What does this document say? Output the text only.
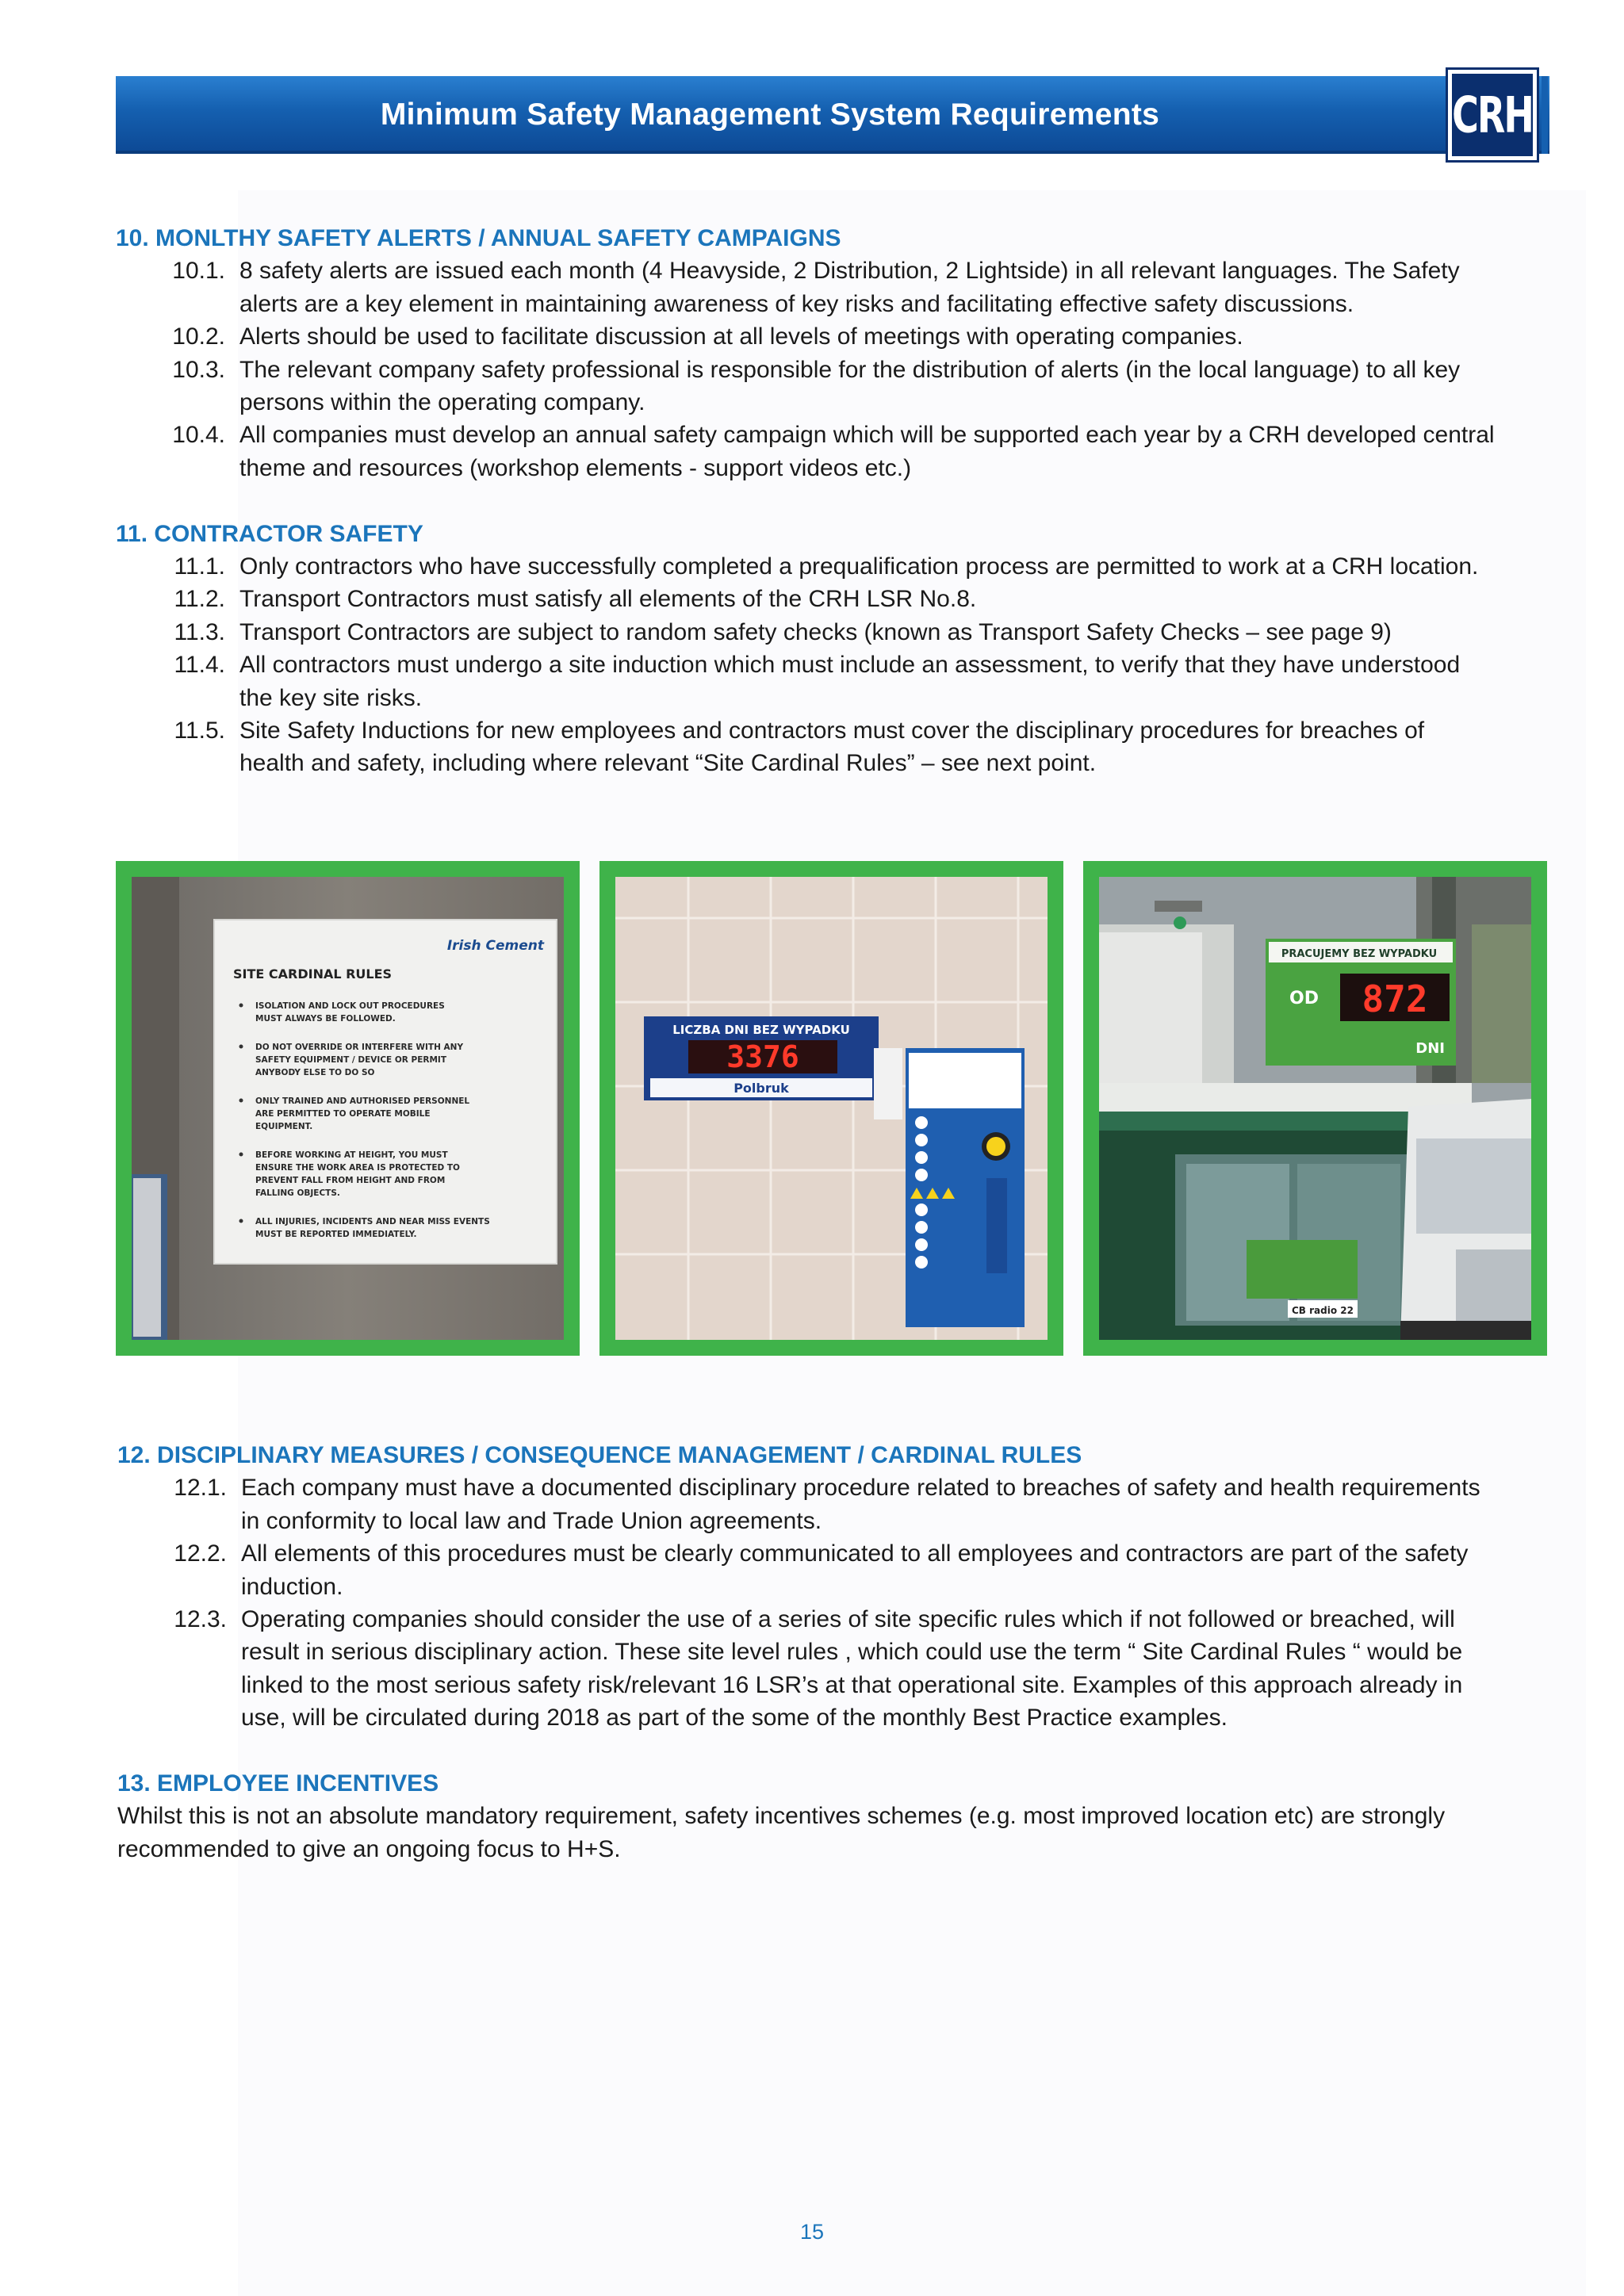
Minimum Safety Management System Requirements	CRH
10. MONLTHY SAFETY ALERTS / ANNUAL SAFETY CAMPAIGNS
10.1. 8 safety alerts are issued each month (4 Heavyside, 2 Distribution, 2 Lightside) in all relevant languages. The Safety
alerts are a key element in maintaining awareness of key risks and facilitating effective safety discussions.
10.2. Alerts should be used to facilitate discussion at all levels of meetings with operating companies.
10.3. The relevant company safety professional is responsible for the distribution of alerts (in the local language) to all key
persons within the operating company.
10.4. All companies must develop an annual safety campaign which will be supported each year by a CRH developed central
theme and resources (workshop elements - support videos etc.)
11. CONTRACTOR SAFETY
11.1. Only contractors who have successfully completed a prequalification process are permitted to work at a CRH location.
11.2. Transport Contractors must satisfy all elements of the CRH LSR No.8.
11.3. Transport Contractors are subject to random safety checks (known as Transport Safety Checks – see page 9)
11.4. All contractors must undergo a site induction which must include an assessment, to verify that they have understood
the key site risks.
11.5. Site Safety Inductions for new employees and contractors must cover the disciplinary procedures for breaches of
health and safety, including where relevant “Site Cardinal Rules” – see next point.
Irish Cement
SITE CARDINAL RULES
ISOLATION AND LOCK OUT PROCEDURES
MUST ALWAYS BE FOLLOWED.
DO NOT OVERRIDE OR INTERFERE WITH ANY
SAFETY EQUIPMENT / DEVICE OR PERMIT
ANYBODY ELSE TO DO SO
ONLY TRAINED AND AUTHORISED PERSONNEL
ARE PERMITTED TO OPERATE MOBILE
EQUIPMENT.
BEFORE WORKING AT HEIGHT, YOU MUST
ENSURE THE WORK AREA IS PROTECTED TO
PREVENT FALL FROM HEIGHT AND FROM
FALLING OBJECTS.
ALL INJURIES, INCIDENTS AND NEAR MISS EVENTS
MUST BE REPORTED IMMEDIATELY.
LICZBA DNI BEZ WYPADKU
3376
Polbruk
CB radio 22
PRACUJEMY BEZ WYPADKU
OD 872
DNI
12. DISCIPLINARY MEASURES / CONSEQUENCE MANAGEMENT / CARDINAL RULES
12.1. Each company must have a documented disciplinary procedure related to breaches of safety and health requirements
in conformity to local law and Trade Union agreements.
12.2. All elements of this procedures must be clearly communicated to all employees and contractors are part of the safety
induction.
12.3. Operating companies should consider the use of a series of site specific rules which if not followed or breached, will
result in serious disciplinary action. These site level rules , which could use the term “ Site Cardinal Rules “ would be
linked to the most serious safety risk/relevant 16 LSR’s at that operational site. Examples of this approach already in
use, will be circulated during 2018 as part of the some of the monthly Best Practice examples.
13. EMPLOYEE INCENTIVES
Whilst this is not an absolute mandatory requirement, safety incentives schemes (e.g. most improved location etc) are strongly
recommended to give an ongoing focus to H+S.
15
